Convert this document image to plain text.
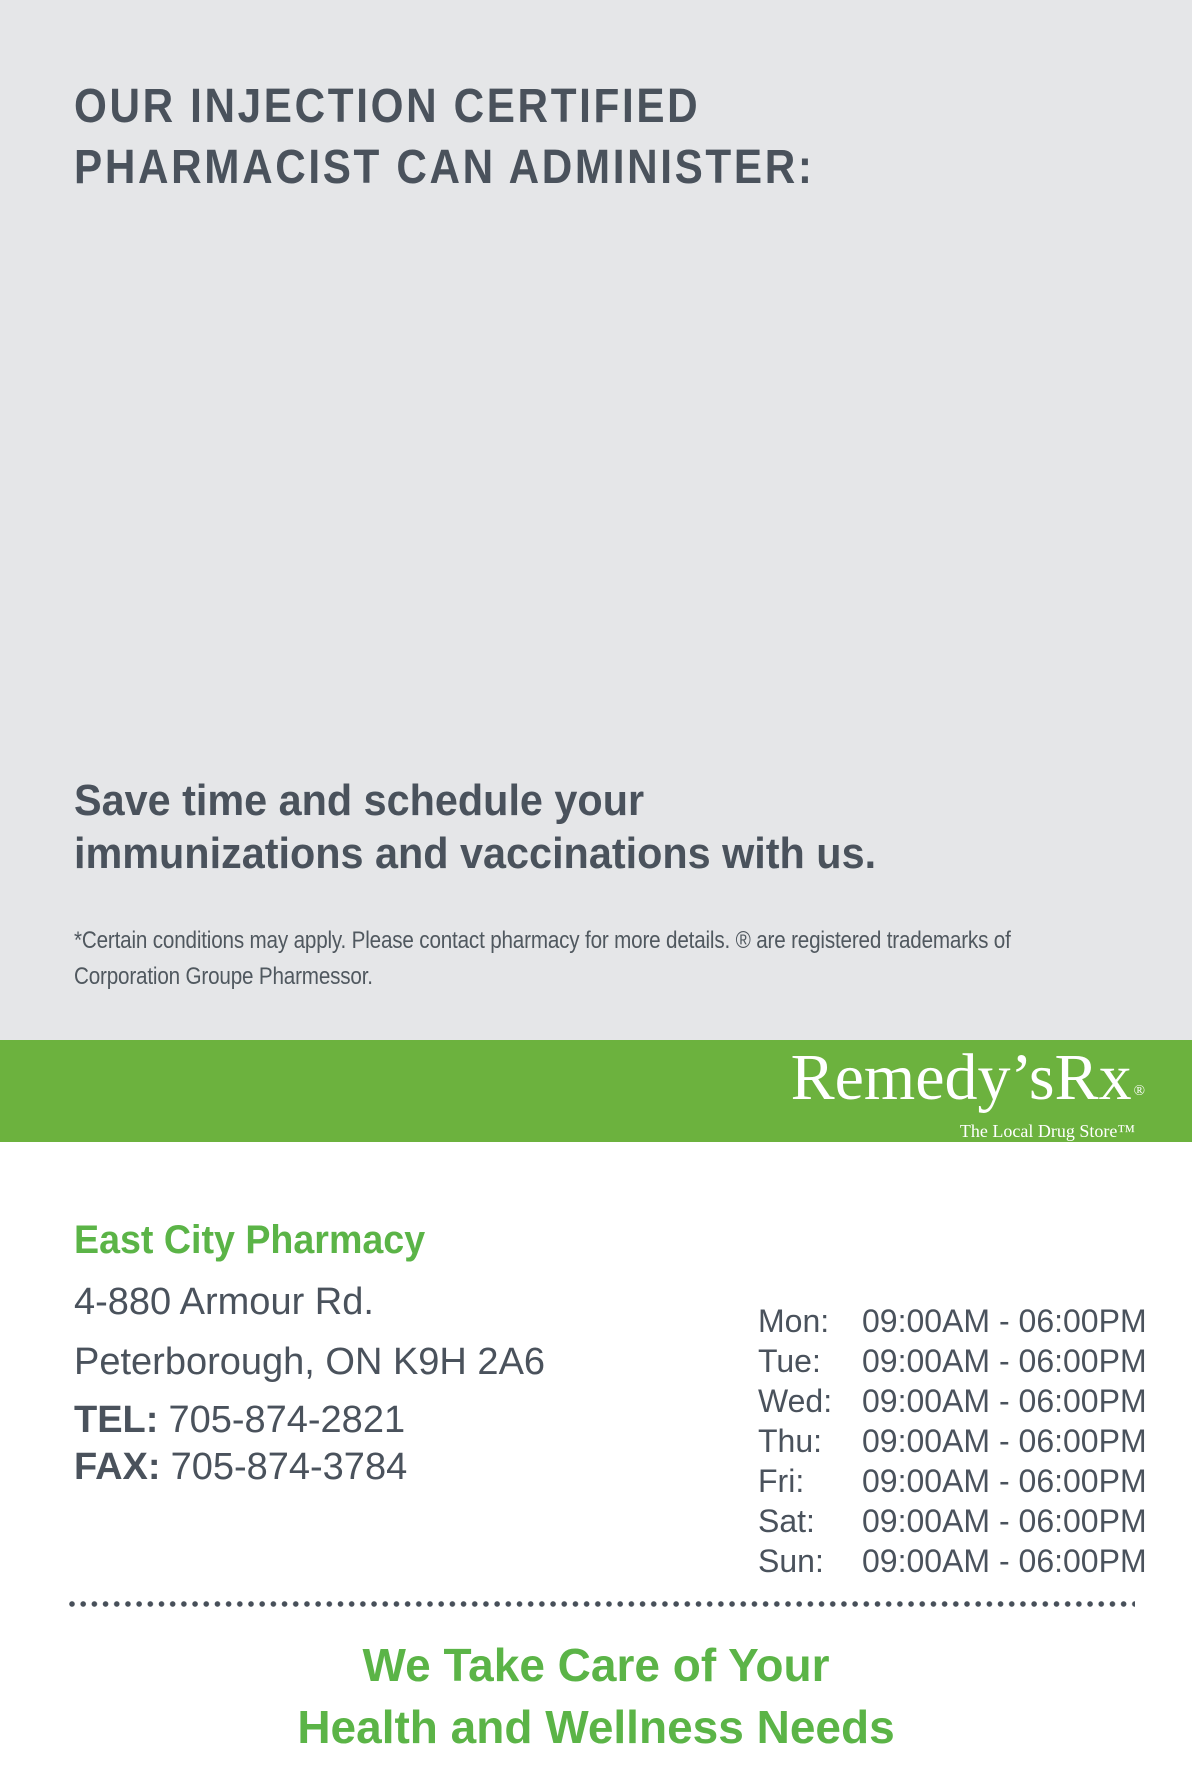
OUR INJECTION CERTIFIED
PHARMACIST CAN ADMINISTER:
Save time and schedule your
immunizations and vaccinations with us.
*Certain conditions may apply. Please contact pharmacy for more details. ® are registered trademarks of
Corporation Groupe Pharmessor.
Remedy’sRx ®
The Local Drug Store™
East City Pharmacy
4-880 Armour Rd.
Peterborough, ON K9H 2A6
TEL: 705-874-2821
FAX: 705-874-3784
Mon:	09:00AM - 06:00PM
Tue:	09:00AM - 06:00PM
Wed: 09:00AM - 06:00PM
Thu:	09:00AM - 06:00PM
Fri:	09:00AM - 06:00PM
Sat:	09:00AM - 06:00PM
Sun:	09:00AM - 06:00PM
We Take Care of Your
Health and Wellness Needs
